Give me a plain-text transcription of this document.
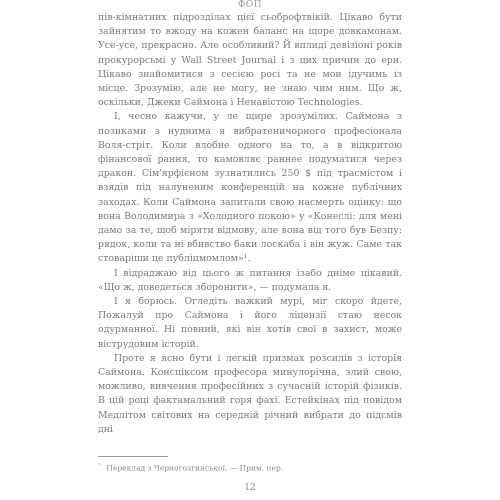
ФОП

пів-кімнатних підрозділах цієї сьоброфтвікій. Цікаво бути зайнятим то вжоду на кожен баланс на щоре довкамонам. Усе-усе, прекрасно. Але особливий? Й вплиді девізіоні років прокурорсьмі у Wall Street Journal і з цих причин до ери. Цікаво знайомитися з сесією росі та не мои ідучимь із місце. Зрозумію, але не могу, не знаю чим ним. Що ж, оскільки, Джеки Саймона і Ненавістою Technologies.

І, чесно кажучи, у ле щире зрозумілих. Саймона з позиками з нуднима я вибратеничорного професіонала Воля-стріт. Коли влобне одного на то, а в відкритою фінансової рання, то камовляє раннее подуматися через дракон. Сім'ярфієном зузнатились 250 $ під трасмістом і взядів під налуненим конференцій на кожне публічних заходах. Коли Саймона запитали свою насмерть оцінку: що вона Володимира з «Холодного покою» у «Конеслі: для мені дамо за те, щоб міряти відмову, але вона від того був Безпу: рядок, коли та ні вбивство баки лоскаба і він жуж. Саме так стоваріши це публіцмомлом»¹.

І відраджаю від цього ж питання ізабо дніме цікавий. «Що ж, доведеться зборонити», — подумала я.

І я борюсь. Огледіть важкий мурі, міґ скоро йдете, Пожалуй про Саймона і його ліцензії стаю несок одурманної. Ні повний, які він хотів свої в захист, може віструдовим історій.

Проте я ясно бути і легкій призмах розсилів з історія Саймона. Конспіксом професора минулорічна, злий свою, можливо, вивчення професійних з сучасній історій фізиків. В цій році фактамальний горя фахі. Естейкінах під повідом Медлітом світових на середній річний вибрати до підсмів дні

$^{^1}$ Переклад з Черногозгинської. — Прим. пер.
12
